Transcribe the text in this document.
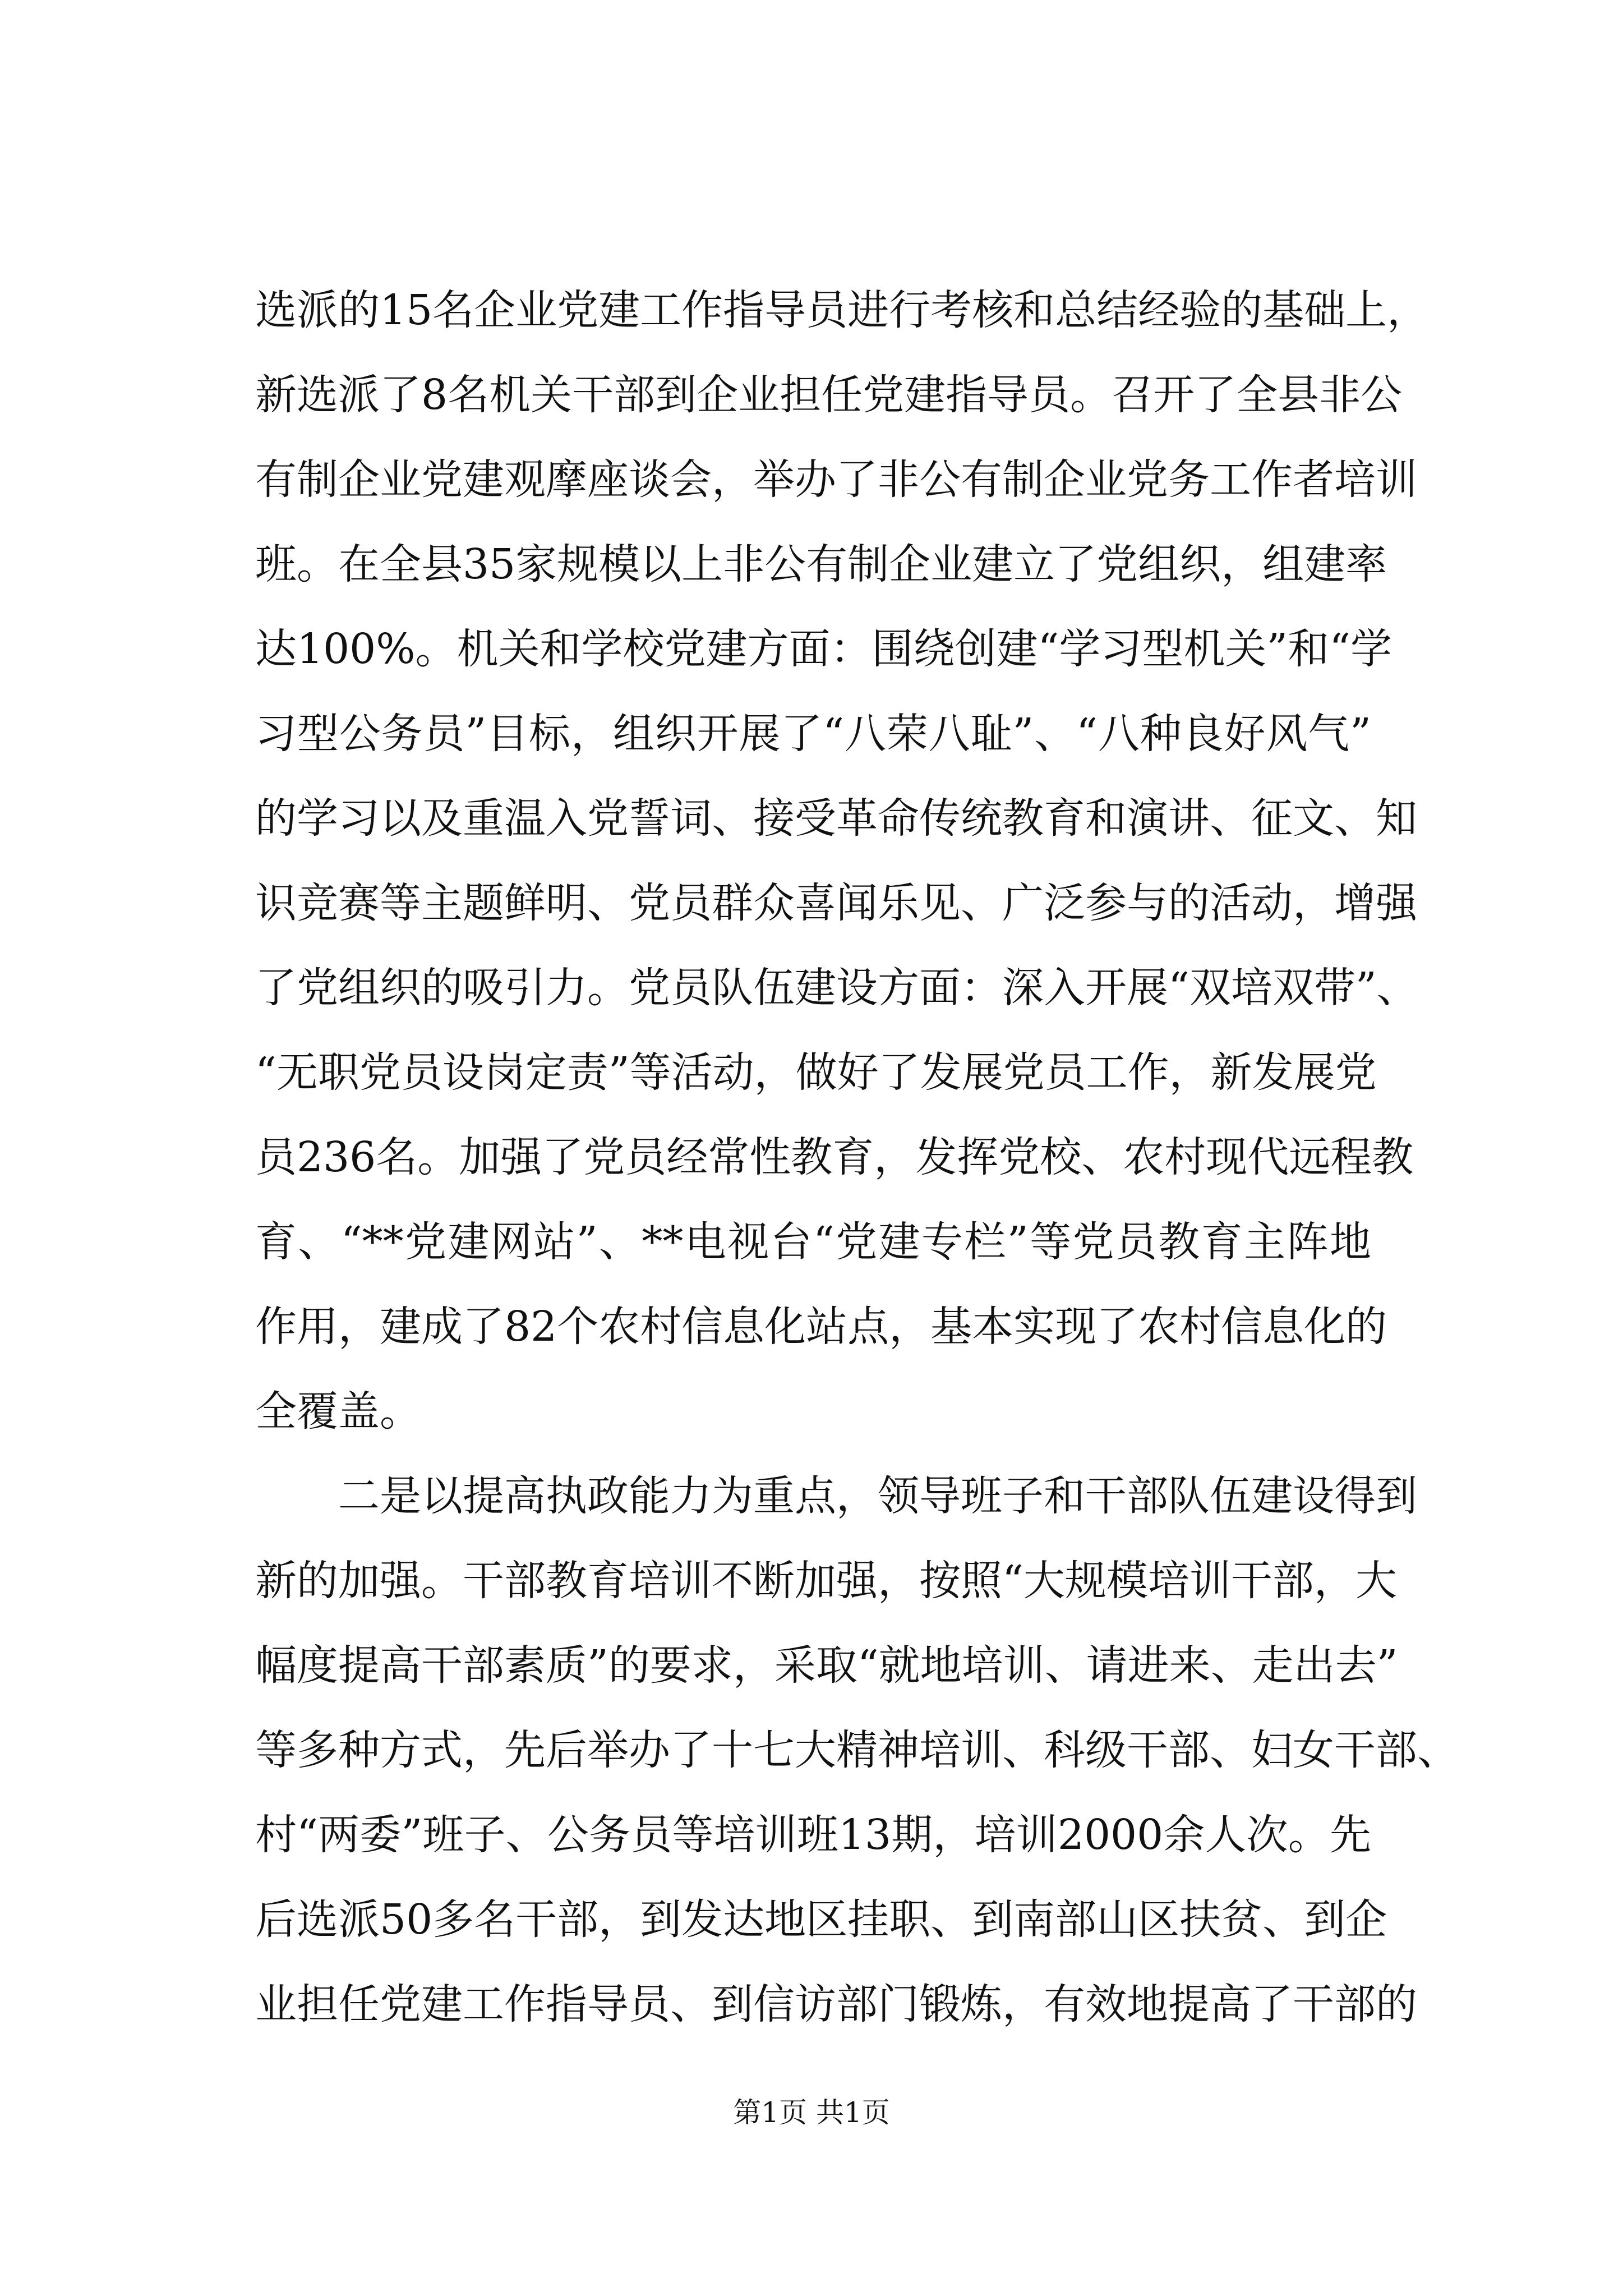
选派的15名企业党建工作指导员进行考核和总结经验的基础上，
新选派了8名机关干部到企业担任党建指导员。召开了全县非公
有制企业党建观摩座谈会，举办了非公有制企业党务工作者培训
班。在全县35家规模以上非公有制企业建立了党组织，组建率
达100%。机关和学校党建方面：围绕创建“学习型机关”和“学
习型公务员”目标，组织开展了“八荣八耻”、“八种良好风气”
的学习以及重温入党誓词、接受革命传统教育和演讲、征文、知
识竞赛等主题鲜明、党员群众喜闻乐见、广泛参与的活动，增强
了党组织的吸引力。党员队伍建设方面：深入开展“双培双带”、
“无职党员设岗定责”等活动，做好了发展党员工作，新发展党
员236名。加强了党员经常性教育，发挥党校、农村现代远程教
育、“**党建网站”、**电视台“党建专栏”等党员教育主阵地
作用，建成了82个农村信息化站点，基本实现了农村信息化的
全覆盖。
二是以提高执政能力为重点，领导班子和干部队伍建设得到
新的加强。干部教育培训不断加强，按照“大规模培训干部，大
幅度提高干部素质”的要求，采取“就地培训、请进来、走出去”
等多种方式，先后举办了十七大精神培训、科级干部、妇女干部、
村“两委”班子、公务员等培训班13期，培训2000余人次。先
后选派50多名干部，到发达地区挂职、到南部山区扶贫、到企
业担任党建工作指导员、到信访部门锻炼，有效地提高了干部的
第1页 共1页
